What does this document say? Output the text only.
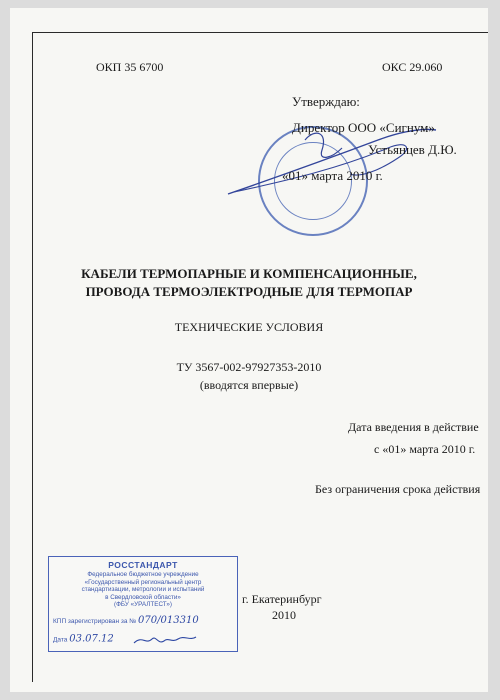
ОКП 35 6700	ОКС 29.060
Утверждаю:
Директор ООО «Сигнум»
Устьянцев Д.Ю.
«01» марта 2010 г.
КАБЕЛИ ТЕРМОПАРНЫЕ И КОМПЕНСАЦИОННЫЕ,
ПРОВОДА ТЕРМОЭЛЕКТРОДНЫЕ ДЛЯ ТЕРМОПАР
ТЕХНИЧЕСКИЕ УСЛОВИЯ
ТУ 3567-002-97927353-2010
(вводятся впервые)
Дата введения в действие
с «01» марта 2010 г.
Без ограничения срока действия
РОССТАНДАРТ
Федеральное бюджетное учреждение
«Государственный региональный центр
стандартизации, метрологии и испытаний
в Свердловской области»
(ФБУ «УРАЛТЕСТ»)
КПП зарегистрирован за № 070/013310
Дата 03.07.12
г. Екатеринбург
2010
